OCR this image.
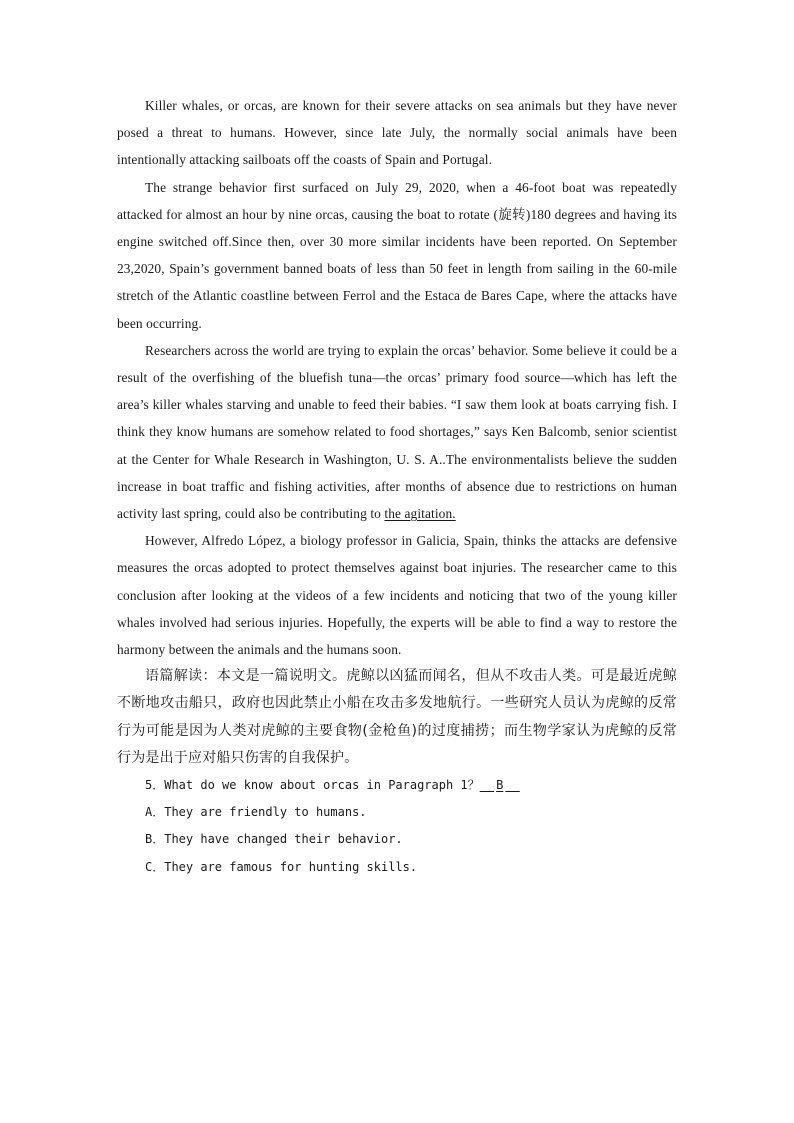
Killer whales, or orcas, are known for their severe attacks on sea animals but they have never posed a threat to humans. However, since late July, the normally social animals have been intentionally attacking sailboats off the coasts of Spain and Portugal.

The strange behavior first surfaced on July 29, 2020, when a 46-foot boat was repeatedly attacked for almost an hour by nine orcas, causing the boat to rotate (旋转)180 degrees and having its engine switched off.Since then, over 30 more similar incidents have been reported. On September 23,2020, Spain’s government banned boats of less than 50 feet in length from sailing in the 60-mile stretch of the Atlantic coastline between Ferrol and the Estaca de Bares Cape, where the attacks have been occurring.

Researchers across the world are trying to explain the orcas’ behavior. Some believe it could be a result of the overfishing of the bluefish tuna—the orcas’ primary food source—which has left the area’s killer whales starving and unable to feed their babies. “I saw them look at boats carrying fish. I think they know humans are somehow related to food shortages,” says Ken Balcomb, senior scientist at the Center for Whale Research in Washington, U. S. A..The environmentalists believe the sudden increase in boat traffic and fishing activities, after months of absence due to restrictions on human activity last spring, could also be contributing to the agitation.

However, Alfredo López, a biology professor in Galicia, Spain, thinks the attacks are defensive measures the orcas adopted to protect themselves against boat injuries. The researcher came to this conclusion after looking at the videos of a few incidents and noticing that two of the young killer whales involved had serious injuries. Hopefully, the experts will be able to find a way to restore the harmony between the animals and the humans soon.

语篇解读：本文是一篇说明文。虎鲸以凶猛而闻名，但从不攻击人类。可是最近虎鲸不断地攻击船只，政府也因此禁止小船在攻击多发地航行。一些研究人员认为虎鲸的反常行为可能是因为人类对虎鲸的主要食物(金枪鱼)的过度捕捞；而生物学家认为虎鲸的反常行为是出于应对船只伤害的自我保护。

5．What do we know about orcas in Paragraph 1？ B

A．They are friendly to humans.

B．They have changed their behavior.

C．They are famous for hunting skills.
